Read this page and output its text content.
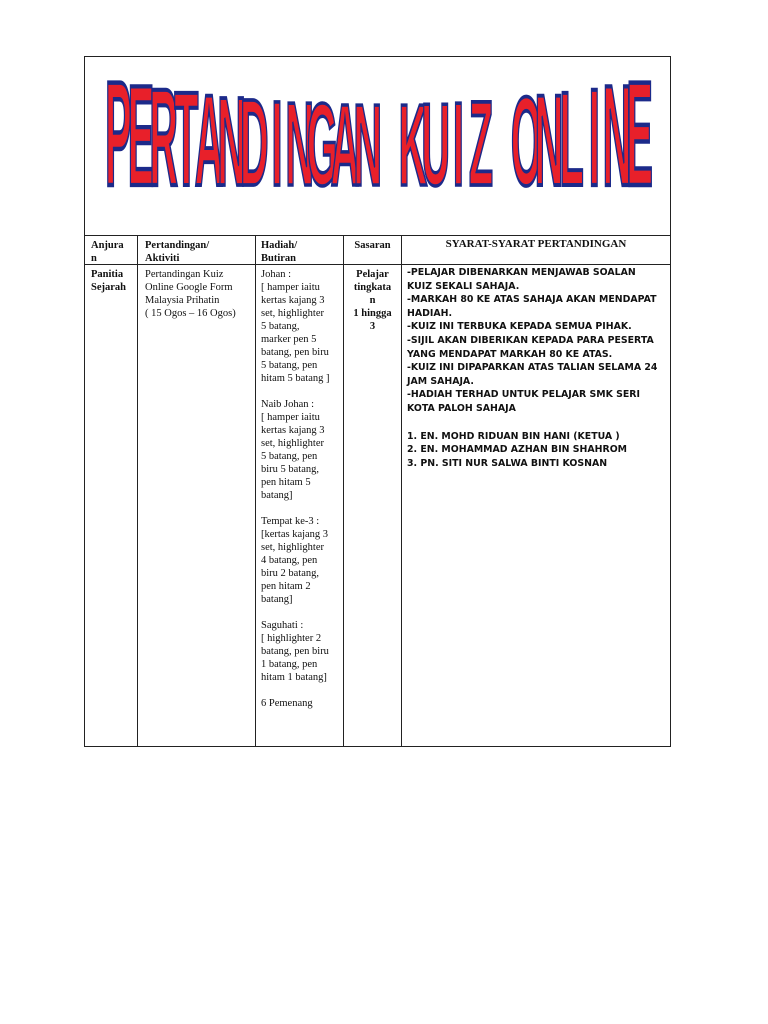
P
E
R
T
A
N
D I N
G
A
N K
U I Z O
N
L I N
E
Anjura
n
Pertandingan/
Aktiviti
Hadiah/
Butiran
Sasaran	SYARAT-SYARAT PERTANDINGAN
Panitia
Sejarah
Pertandingan Kuiz
Online Google Form
Malaysia Prihatin
( 15 Ogos – 16 Ogos)
Johan :
[ hamper iaitu
kertas kajang 3
set, highlighter
5 batang,
marker pen 5
batang, pen biru
5 batang, pen
hitam 5 batang ]
Naib Johan :
[ hamper iaitu
kertas kajang 3
set, highlighter
5 batang, pen
biru 5 batang,
pen hitam 5
batang]
Tempat ke-3 :
[kertas kajang 3
set, highlighter
4 batang, pen
biru 2 batang,
pen hitam 2
batang]
Saguhati :
[ highlighter 2
batang, pen biru
1 batang, pen
hitam 1 batang]
6 Pemenang
Pelajar
tingkata
n
1 hingga
3

-PELAJAR DIBENARKAN MENJAWAB SOALAN
KUIZ SEKALI SAHAJA.

-MARKAH 80 KE ATAS SAHAJA AKAN MENDAPAT
HADIAH.

-KUIZ INI TERBUKA KEPADA SEMUA PIHAK.

-SIJIL AKAN DIBERIKAN KEPADA PARA PESERTA
YANG MENDAPAT MARKAH 80 KE ATAS.

-KUIZ INI DIPAPARKAN ATAS TALIAN SELAMA 24
JAM SAHAJA.

-HADIAH TERHAD UNTUK PELAJAR SMK SERI
KOTA PALOH SAHAJA

1. EN. MOHD RIDUAN BIN HANI (KETUA )

2. EN. MOHAMMAD AZHAN BIN SHAHROM

3. PN. SITI NUR SALWA BINTI KOSNAN
